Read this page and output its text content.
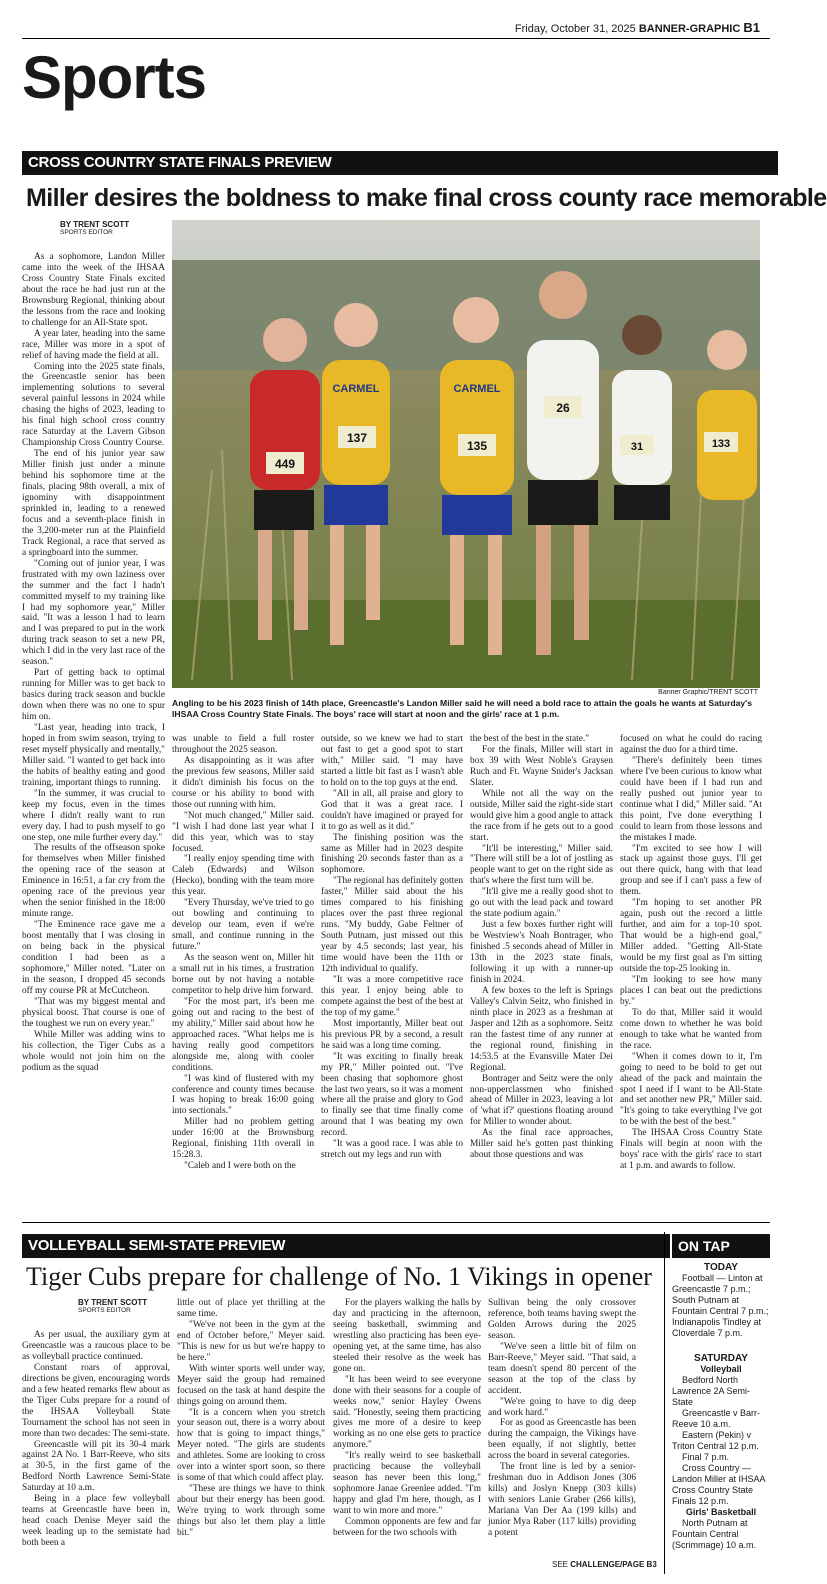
Friday, October 31, 2025 BANNER-GRAPHIC B1
Sports
CROSS COUNTRY STATE FINALS PREVIEW
Miller desires the boldness to make final cross county race memorable
BY TRENT SCOTT
SPORTS EDITOR
449
CARMEL
137
CARMEL
135
26
31	133
Banner Graphic/TRENT SCOTT
Angling to be his 2023 finish of 14th place, Greencastle's Landon Miller said he will need a bold race to attain the goals he wants at Saturday's IHSAA Cross Country State Finals. The boys' race will start at noon and the girls' race at 1 p.m.

As a sophomore, Landon Miller came into the week of the IHSAA Cross Country State Finals excited about the race he had just run at the Brownsburg Regional, thinking about the lessons from the race and looking to challenge for an All-State spot.

A year later, heading into the same race, Miller was more in a spot of relief of having made the field at all.

Coming into the 2025 state finals, the Greencastle senior has been implementing solutions to several several painful lessons in 2024 while chasing the highs of 2023, leading to his final high school cross country race Saturday at the Lavern Gibson Championship Cross Country Course.

The end of his junior year saw Miller finish just under a minute behind his sophomore time at the finals, placing 98th overall, a mix of ignominy with disappointment sprinkled in, leading to a renewed focus and a seventh-place finish in the 3,200-meter run at the Plainfield Track Regional, a race that served as a springboard into the summer.

"Coming out of junior year, I was frustrated with my own laziness over the summer and the fact I hadn't committed myself to my training like I had my sophomore year," Miller said. "It was a lesson I had to learn and I was prepared to put in the work during track season to set a new PR, which I did in the very last race of the season."

Part of getting back to optimal running for Miller was to get back to basics during track season and buckle down when there was no one to spur him on.

"Last year, heading into track, I hoped in from swim season, trying to reset myself physically and mentally," Miller said. "I wanted to get back into the habits of healthy eating and good training, important things to running.

"In the summer, it was crucial to keep my focus, even in the times where I didn't really want to run every day. I had to push myself to go one step, one mile further every day."

The results of the offseason spoke for themselves when Miller finished the opening race of the season at Eminence in 16:51, a far cry from the opening race of the previous year when the senior finished in the 18:00 minute range.

"The Eminence race gave me a boost mentally that I was closing in on being back in the physical condition I had been as a sophomore," Miller noted. "Later on in the season, I dropped 45 seconds off my course PR at McCutcheon.

"That was my biggest mental and physical boost. That course is one of the toughest we run on every year."

While Miller was adding wins to his collection, the Tiger Cubs as a whole would not join him on the podium as the squad

was unable to field a full roster throughout the 2025 season.

As disappointing as it was after the previous few seasons, Miller said it didn't diminish his focus on the course or his ability to bond with those out running with him.

"Not much changed," Miller said. "I wish I had done last year what I did this year, which was to stay focused.

"I really enjoy spending time with Caleb (Edwards) and Wilson (Hecko), bonding with the team more this year.

"Every Thursday, we've tried to go out bowling and continuing to develop our team, even if we're small, and continue running in the future."

As the season went on, Miller hit a small rut in his times, a frustration borne out by not having a notable competitor to help drive him forward.

"For the most part, it's been me going out and racing to the best of my ability," Miller said about how he approached races. "What helps me is having really good competitors alongside me, along with cooler conditions.

"I was kind of flustered with my conference and county times because I was hoping to break 16:00 going into sectionals."

Miller had no problem getting under 16:00 at the Brownsburg Regional, finishing 11th overall in 15:28.3.

"Caleb and I were both on the

outside, so we knew we had to start out fast to get a good spot to start with," Miller said. "I may have started a little bit fast as I wasn't able to hold on to the top guys at the end.

"All in all, all praise and glory to God that it was a great race. I couldn't have imagined or prayed for it to go as well as it did."

The finishing position was the same as Miller had in 2023 despite finishing 20 seconds faster than as a sophomore.

"The regional has definitely gotten faster," Miller said about the his times compared to his finishing places over the past three regional runs. "My buddy, Gabe Feltner of South Putnam, just missed out this year by 4.5 seconds; last year, his time would have been the 11th or 12th individual to qualify.

"It was a more competitive race this year. I enjoy being able to compete against the best of the best at the top of my game."

Most importantly, Miller beat out his previous PR by a second, a result he said was a long time coming.

"It was exciting to finally break my PR," Miller pointed out. "I've been chasing that sophomore ghost the last two years, so it was a moment where all the praise and glory to God to finally see that time finally come around that I was beating my own record.

"It was a good race. I was able to stretch out my legs and run with

the best of the best in the state."

For the finals, Miller will start in box 39 with West Noble's Graysen Ruch and Ft. Wayne Snider's Jacksan Slater.

While not all the way on the outside, Miller said the right-side start would give him a good angle to attack the race from if he gets out to a good start.

"It'll be interesting," Miller said. "There will still be a lot of jostling as people want to get on the right side as that's where the first turn will be.

"It'll give me a really good shot to go out with the lead pack and toward the state podium again."

Just a few boxes further right will be Westview's Noah Bontrager, who finished .5 seconds ahead of Miller in 13th in the 2023 state finals, following it up with a runner-up finish in 2024.

A few boxes to the left is Springs Valley's Calvin Seitz, who finished in ninth place in 2023 as a freshman at Jasper and 12th as a sophomore. Seitz ran the fastest time of any runner at the regional round, finishing in 14:53.5 at the Evansville Mater Dei Regional.

Bontrager and Seitz were the only non-upperclassmen who finished ahead of Miller in 2023, leaving a lot of 'what if?' questions floating around for Miller to wonder about.

As the final race approaches, Miller said he's gotten past thinking about those questions and was

focused on what he could do racing against the duo for a third time.

"There's definitely been times where I've been curious to know what could have been if I had run and really pushed out junior year to continue what I did," Miller said. "At this point, I've done everything I could to learn from those lessons and the mistakes I made.

"I'm excited to see how I will stack up against those guys. I'll get out there quick, hang with that lead group and see if I can't pass a few of them.

"I'm hoping to set another PR again, push out the record a little further, and aim for a top-10 spot. That would be a high-end goal," Miller added. "Getting All-State would be my first goal as I'm sitting outside the top-25 looking in.

"I'm looking to see how many places I can beat out the predictions by."

To do that, Miller said it would come down to whether he was bold enough to take what he wanted from the race.

"When it comes down to it, I'm going to need to be bold to get out ahead of the pack and maintain the spot I need if I want to be All-State and set another new PR," Miller said. "It's going to take everything I've got to be with the best of the best."

The IHSAA Cross Country State Finals will begin at noon with the boys' race with the girls' race to start at 1 p.m. and awards to follow.

VOLLEYBALL SEMI-STATE PREVIEW
Tiger Cubs prepare for challenge of No. 1 Vikings in opener
BY TRENT SCOTT
SPORTS EDITOR

As per usual, the auxiliary gym at Greencastle was a raucous place to be as volleyball practice continued.

Constant roars of approval, directions be given, encouraging words and a few heated remarks flew about as the Tiger Cubs prepare for a round of the IHSAA Volleyball State Tournament the school has not seen in more than two decades: The semi-state.

Greencastle will pit its 30-4 mark against 2A No. 1 Barr-Reeve, who sits at 30-5, in the first game of the Bedford North Lawrence Semi-State Saturday at 10 a.m.

Being in a place few volleyball teams at Greencastle have been in, head coach Denise Meyer said the week leading up to the semistate had both been a

little out of place yet thrilling at the same time.

"We've not been in the gym at the end of October before," Meyer said. "This is new for us but we're happy to be here."

With winter sports well under way, Meyer said the group had remained focused on the task at hand despite the things going on around them.

"It is a concern when you stretch your season out, there is a worry about how that is going to impact things," Meyer noted. "The girls are students and athletes. Some are looking to cross over into a winter sport soon, so there is some of that which could affect play.

"These are things we have to think about but their energy has been good. We're trying to work through some things but also let them play a little bit."

For the players walking the halls by day and practicing in the afternoon, seeing basketball, swimming and wrestling also practicing has been eye-opening yet, at the same time, has also steeled their resolve as the week has gone on.

"It has been weird to see everyone done with their seasons for a couple of weeks now," senior Hayley Owens said. "Honestly, seeing them practicing gives me more of a desire to keep working as no one else gets to practice anymore."

"It's really weird to see basketball practicing because the volleyball season has never been this long," sophomore Janae Greenlee added. "I'm happy and glad I'm here, though, as I want to win more and more."

Common opponents are few and far between for the two schools with

Sullivan being the only crossover reference, both teams having swept the Golden Arrows during the 2025 season.

"We've seen a little bit of film on Barr-Reeve," Meyer said. "That said, a team doesn't spend 80 percent of the season at the top of the class by accident.

"We're going to have to dig deep and work hard."

For as good as Greencastle has been during the campaign, the Vikings have been equally, if not slightly, better across the board in several categories.

The front line is led by a senior-freshman duo in Addison Jones (306 kills) and Joslyn Knepp (303 kills) with seniors Lanie Graber (266 kills), Mariana Van Der Aa (199 kills) and junior Mya Raber (117 kills) providing a potent

SEE CHALLENGE/PAGE B3
ON TAP
TODAY
Football — Linton at Greencastle 7 p.m.; South Putnam at Fountain Central 7 p.m.; Indianapolis Tindley at Cloverdale 7 p.m.
SATURDAY
Volleyball
Bedford North Lawrence 2A Semi-State
Greencastle v Barr-Reeve 10 a.m.
Eastern (Pekin) v Triton Central 12 p.m.
Final 7 p.m.
Cross Country — Landon Miller at IHSAA Cross Country State Finals 12 p.m.
Girls' Basketball
North Putnam at Fountain Central (Scrimmage) 10 a.m.
